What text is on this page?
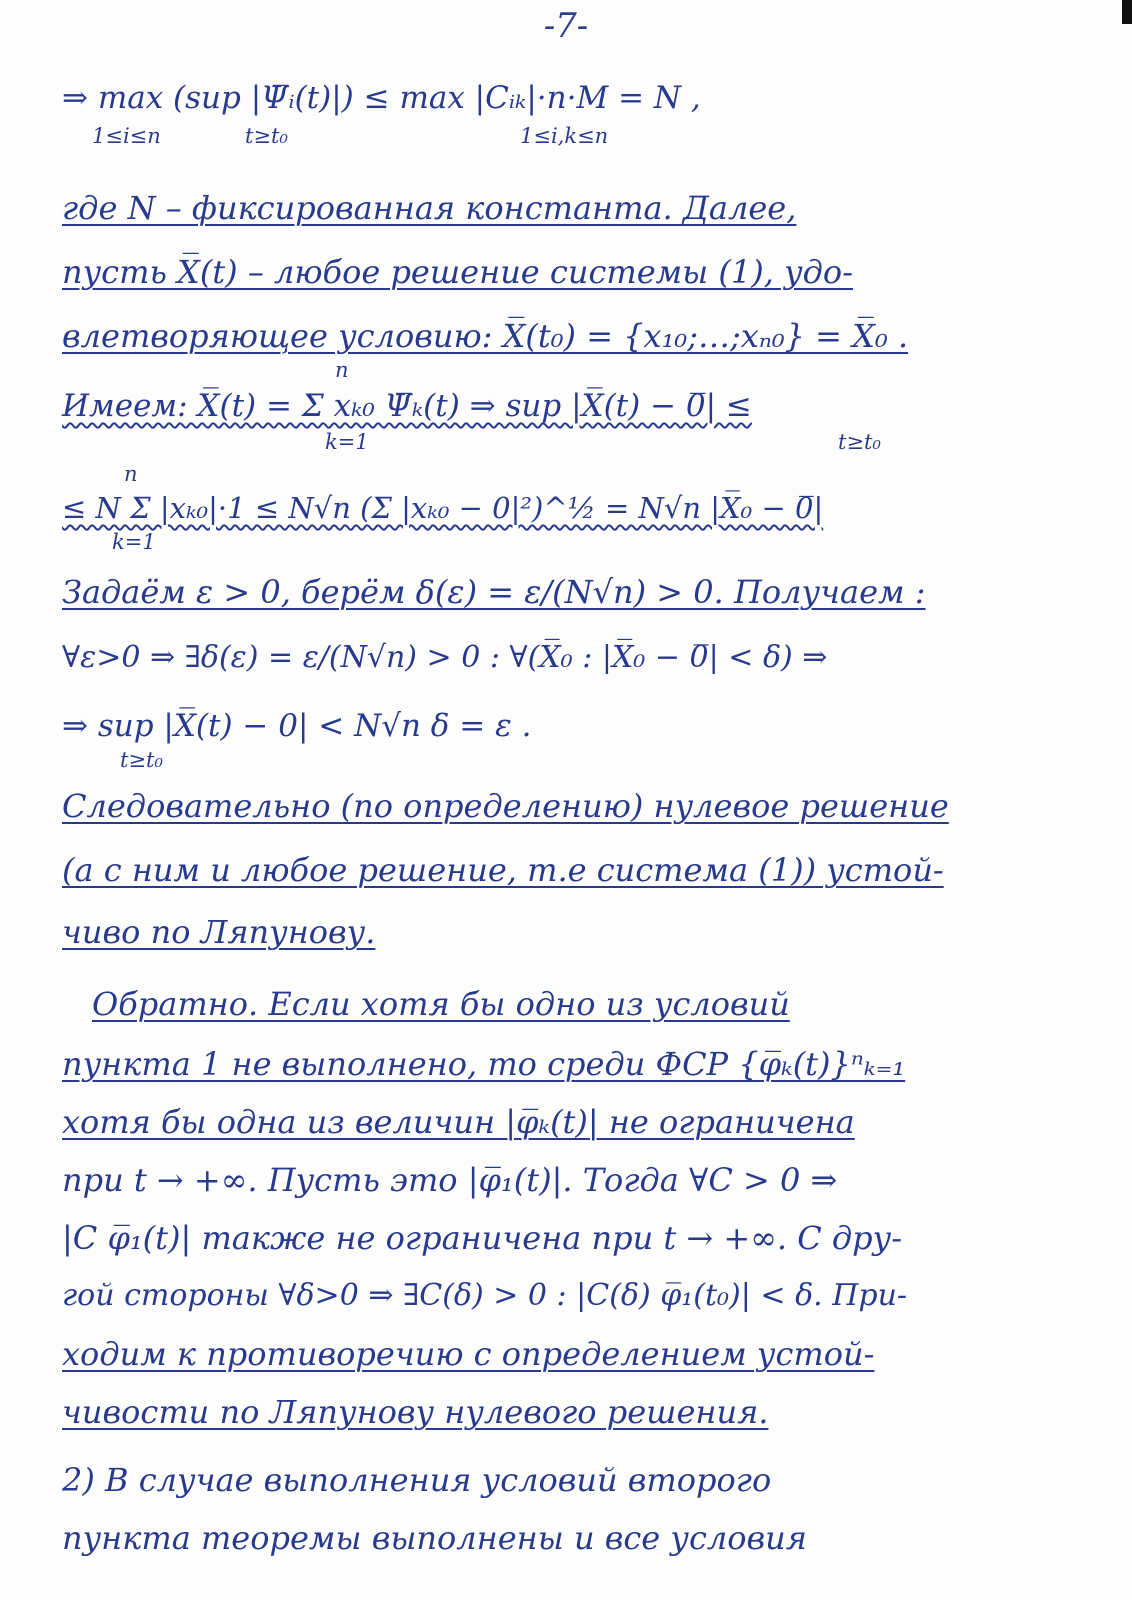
-7-
⇒ max (sup |Ψ̅ᵢ(t)|) ≤ max |Cᵢₖ|·n·M = N ,
1≤i≤n	t≥t₀	1≤i,k≤n
где N – фиксированная константа. Далее,
пусть X̅(t) – любое решение системы (1), удо-
влетворяющее условию: X̅(t₀) = {x₁₀;…;xₙ₀} = X̅₀ .
n
Имеем: X̅(t) = Σ xₖ₀ Ψ̅ₖ(t) ⇒ sup |X̅(t) − 0̅| ≤
k=1	t≥t₀
n
≤ N Σ |xₖ₀|·1 ≤ N√n (Σ |xₖ₀ − 0|²)^½ = N√n |X̅₀ − 0̅|
k=1
Задаём ε > 0, берём δ(ε) = ε/(N√n) > 0. Получаем :
∀ε>0 ⇒ ∃δ(ε) = ε/(N√n) > 0 : ∀(X̅₀ : |X̅₀ − 0̅| < δ) ⇒
⇒ sup |X̅(t) − 0| < N√n δ = ε .
t≥t₀
Следовательно (по определению) нулевое решение
(а с ним и любое решение, т.е система (1)) устой-
чиво по Ляпунову.
Обратно. Если хотя бы одно из условий
пункта 1 не выполнено, то среди ФСР {φ̅ₖ(t)}ⁿₖ₌₁
хотя бы одна из величин |φ̅ₖ(t)| не ограничена
при t → +∞. Пусть это |φ̅₁(t)|. Тогда ∀C > 0 ⇒
|C φ̅₁(t)| также не ограничена при t → +∞. С дру-
гой стороны ∀δ>0 ⇒ ∃C(δ) > 0 : |C(δ) φ̅₁(t₀)| < δ. При-
ходим к противоречию с определением устой-
чивости по Ляпунову нулевого решения.
2) В случае выполнения условий второго
пункта теоремы выполнены и все условия
